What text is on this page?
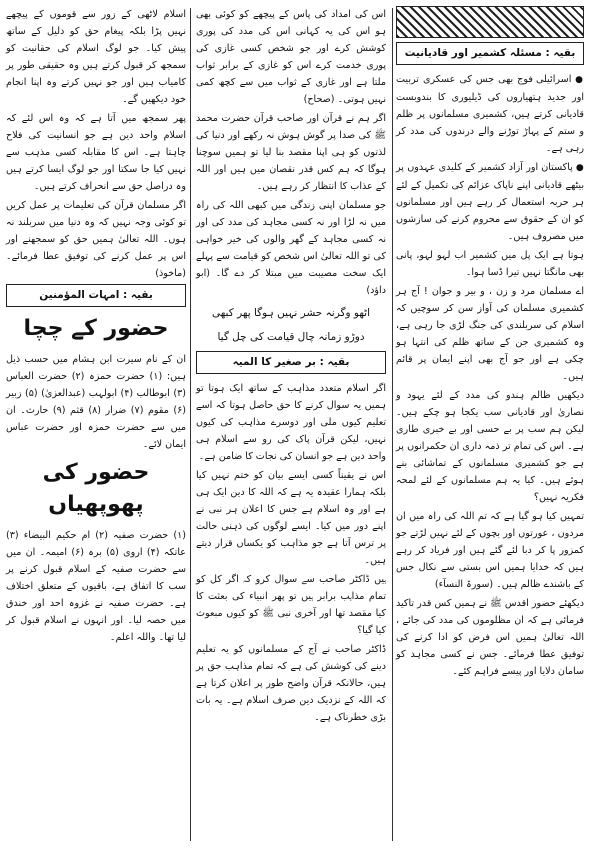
بقیہ : مسئلہ کشمیر اور قادیانیت

● اسرائیلی فوج بھی جس کی عسکری تربیت اور جدید ہتھیاروں کی ڈیلیوری کا بندوبست قادیانی کرتے ہیں، کشمیری مسلمانوں پر ظلم و ستم کے پہاڑ توڑنے والے درندوں کی مدد کر رہی ہے۔

● پاکستان اور آزاد کشمیر کے کلیدی عہدوں پر بیٹھے قادیانی اپنے ناپاک عزائم کی تکمیل کے لئے ہر حربہ استعمال کر رہے ہیں اور مسلمانوں کو ان کے حقوق سے محروم کرنے کی سازشوں میں مصروف ہیں۔

ہوتا ہے ایک پل میں کشمیر اب لہو لہو، پانی بھی مانگتا نہیں تیرا ڈسا ہوا۔

اے مسلمان مرد و زن ، و بیر و جوان ! آج ہر کشمیری مسلمان کی آواز سن کر سوچیں کہ اسلام کی سربلندی کی جنگ لڑی جا رہی ہے، وہ کشمیری جن کے ساتھ ظلم کی انتہا ہو چکی ہے اور جو آج بھی اپنے ایمان پر قائم ہیں۔

دیکھیں ظالم ہندو کی مدد کے لئے یہود و نصاریٰ اور قادیانی سب یکجا ہو چکے ہیں۔ لیکن ہم سب پر بے حسی اور بے خبری طاری ہے۔ اس کی تمام تر ذمہ داری ان حکمرانوں پر ہے جو کشمیری مسلمانوں کے تماشائی بنے ہوئے ہیں۔ کیا یہ ہم مسلمانوں کے لئے لمحہ فکریہ نہیں؟

تمہیں کیا ہو گیا ہے کہ تم اللہ کی راہ میں ان مردوں ، عورتوں اور بچوں کے لئے نہیں لڑتے جو کمزور پا کر دبا لئے گئے ہیں اور فریاد کر رہے ہیں کہ خدایا ہمیں اس بستی سے نکال جس کے باشندے ظالم ہیں۔ (سورۃ النسآء)

دیکھئے حضور اقدس ﷺ نے ہمیں کس قدر تاکید فرمائی ہے کہ ان مظلوموں کی مدد کی جائے ، اللہ تعالیٰ ہمیں اس فرض کو ادا کرنے کی توفیق عطا فرمائے۔ جس نے کسی مجاہد کو سامان دلایا اور پیسے فراہم کئے۔

اس کی امداد کی پاس کے پیچھے کو کوئی بھی ہو اس کی یہ کہانی اس کی مدد کی پوری کوشش کرے اور جو شخص کسی غازی کی پوری خدمت کرے اس کو غازی کے برابر ثواب ملتا ہے اور غازی کے ثواب میں سے کچھ کمی نہیں ہوتی۔ (صحاح)

اگر ہم نے قرآن اور صاحب قرآن حضرت محمد ﷺ کی صدا پر گوش ہوش نہ رکھے اور دنیا کی لذتوں کو ہی اپنا مقصد بنا لیا تو ہمیں سوچنا ہوگا کہ ہم کس قدر نقصان میں ہیں اور اللہ کے عذاب کا انتظار کر رہے ہیں۔

جو مسلمان اپنی زندگی میں کبھی اللہ کی راہ میں نہ لڑا اور نہ کسی مجاہد کی مدد کی اور نہ کسی مجاہد کے گھر والوں کی خیر خواہی کی تو اللہ تعالیٰ اس شخص کو قیامت سے پہلے ایک سخت مصیبت میں مبتلا کر دے گا۔ (ابو داؤد)

اٹھو وگرنہ حشر نہیں ہوگا پھر کبھی
دوڑو زمانہ چال قیامت کی چل گیا
بقیہ : بر صغیر کا المیہ

اگر اسلام متعدد مذاہب کے ساتھ ایک ہوتا تو ہمیں یہ سوال کرنے کا حق حاصل ہوتا کہ اسے تعلیم کیوں ملی اور دوسرے مذاہب کی کیوں نہیں، لیکن قرآن پاک کی رو سے اسلام ہی واحد دین ہے جو انسان کی نجات کا ضامن ہے۔

اس نے یقیناً کسی ایسے بیان کو ختم نہیں کیا بلکہ ہمارا عقیدہ یہ ہے کہ اللہ کا دین ایک ہی ہے اور وہ اسلام ہے جس کا اعلان ہر نبی نے اپنے دور میں کیا۔ ایسے لوگوں کی ذہنی حالت پر ترس آتا ہے جو مذاہب کو یکساں قرار دیتے ہیں۔

ہیں ڈاکٹر صاحب سے سوال کرو کہ اگر کل کو تمام مذاہب برابر ہیں تو پھر انبیاء کی بعثت کا کیا مقصد تھا اور آخری نبی ﷺ کو کیوں مبعوث کیا گیا؟

ڈاکٹر صاحب نے آج کے مسلمانوں کو یہ تعلیم دینے کی کوشش کی ہے کہ تمام مذاہب حق پر ہیں، حالانکہ قرآن واضح طور پر اعلان کرتا ہے کہ اللہ کے نزدیک دین صرف اسلام ہے۔ یہ بات بڑی خطرناک ہے۔

اسلام لاٹھی کے زور سے قوموں کے پیچھے نہیں پڑا بلکہ پیغام حق کو دلیل کے ساتھ پیش کیا۔ جو لوگ اسلام کی حقانیت کو سمجھ کر قبول کرتے ہیں وہ حقیقی طور پر کامیاب ہیں اور جو نہیں کرتے وہ اپنا انجام خود دیکھیں گے۔

پھر سمجھ میں آتا ہے کہ وہ اس لئے کہ اسلام واحد دین ہے جو انسانیت کی فلاح چاہتا ہے۔ اس کا مقابلہ کسی مذہب سے نہیں کیا جا سکتا اور جو لوگ ایسا کرتے ہیں وہ دراصل حق سے انحراف کرتے ہیں۔

اگر مسلمان قرآن کی تعلیمات پر عمل کریں تو کوئی وجہ نہیں کہ وہ دنیا میں سربلند نہ ہوں۔ اللہ تعالیٰ ہمیں حق کو سمجھنے اور اس پر عمل کرنے کی توفیق عطا فرمائے۔ (ماخوذ)

بقیہ : امہات المؤمنین
حضور کے چچا

ان کے نام سیرت ابن ہشام میں حسب ذیل ہیں: (۱) حضرت حمزہ (۲) حضرت العباس (۳) ابوطالب (۴) ابولہب (عبدالعزیٰ) (۵) زبیر (۶) مقوم (۷) ضرار (۸) قثم (۹) حارث۔ ان میں سے حضرت حمزہ اور حضرت عباس ایمان لائے۔

حضور کی پھوپھیاں

(۱) حضرت صفیہ (۲) ام حکیم البیضاء (۳) عاتکہ (۴) اروی (۵) برہ (۶) امیمہ۔ ان میں سے حضرت صفیہ کے اسلام قبول کرنے پر سب کا اتفاق ہے، باقیوں کے متعلق اختلاف ہے۔ حضرت صفیہ نے غزوہ احد اور خندق میں حصہ لیا۔ اور انہوں نے اسلام قبول کر لیا تھا۔ واللہ اعلم۔
